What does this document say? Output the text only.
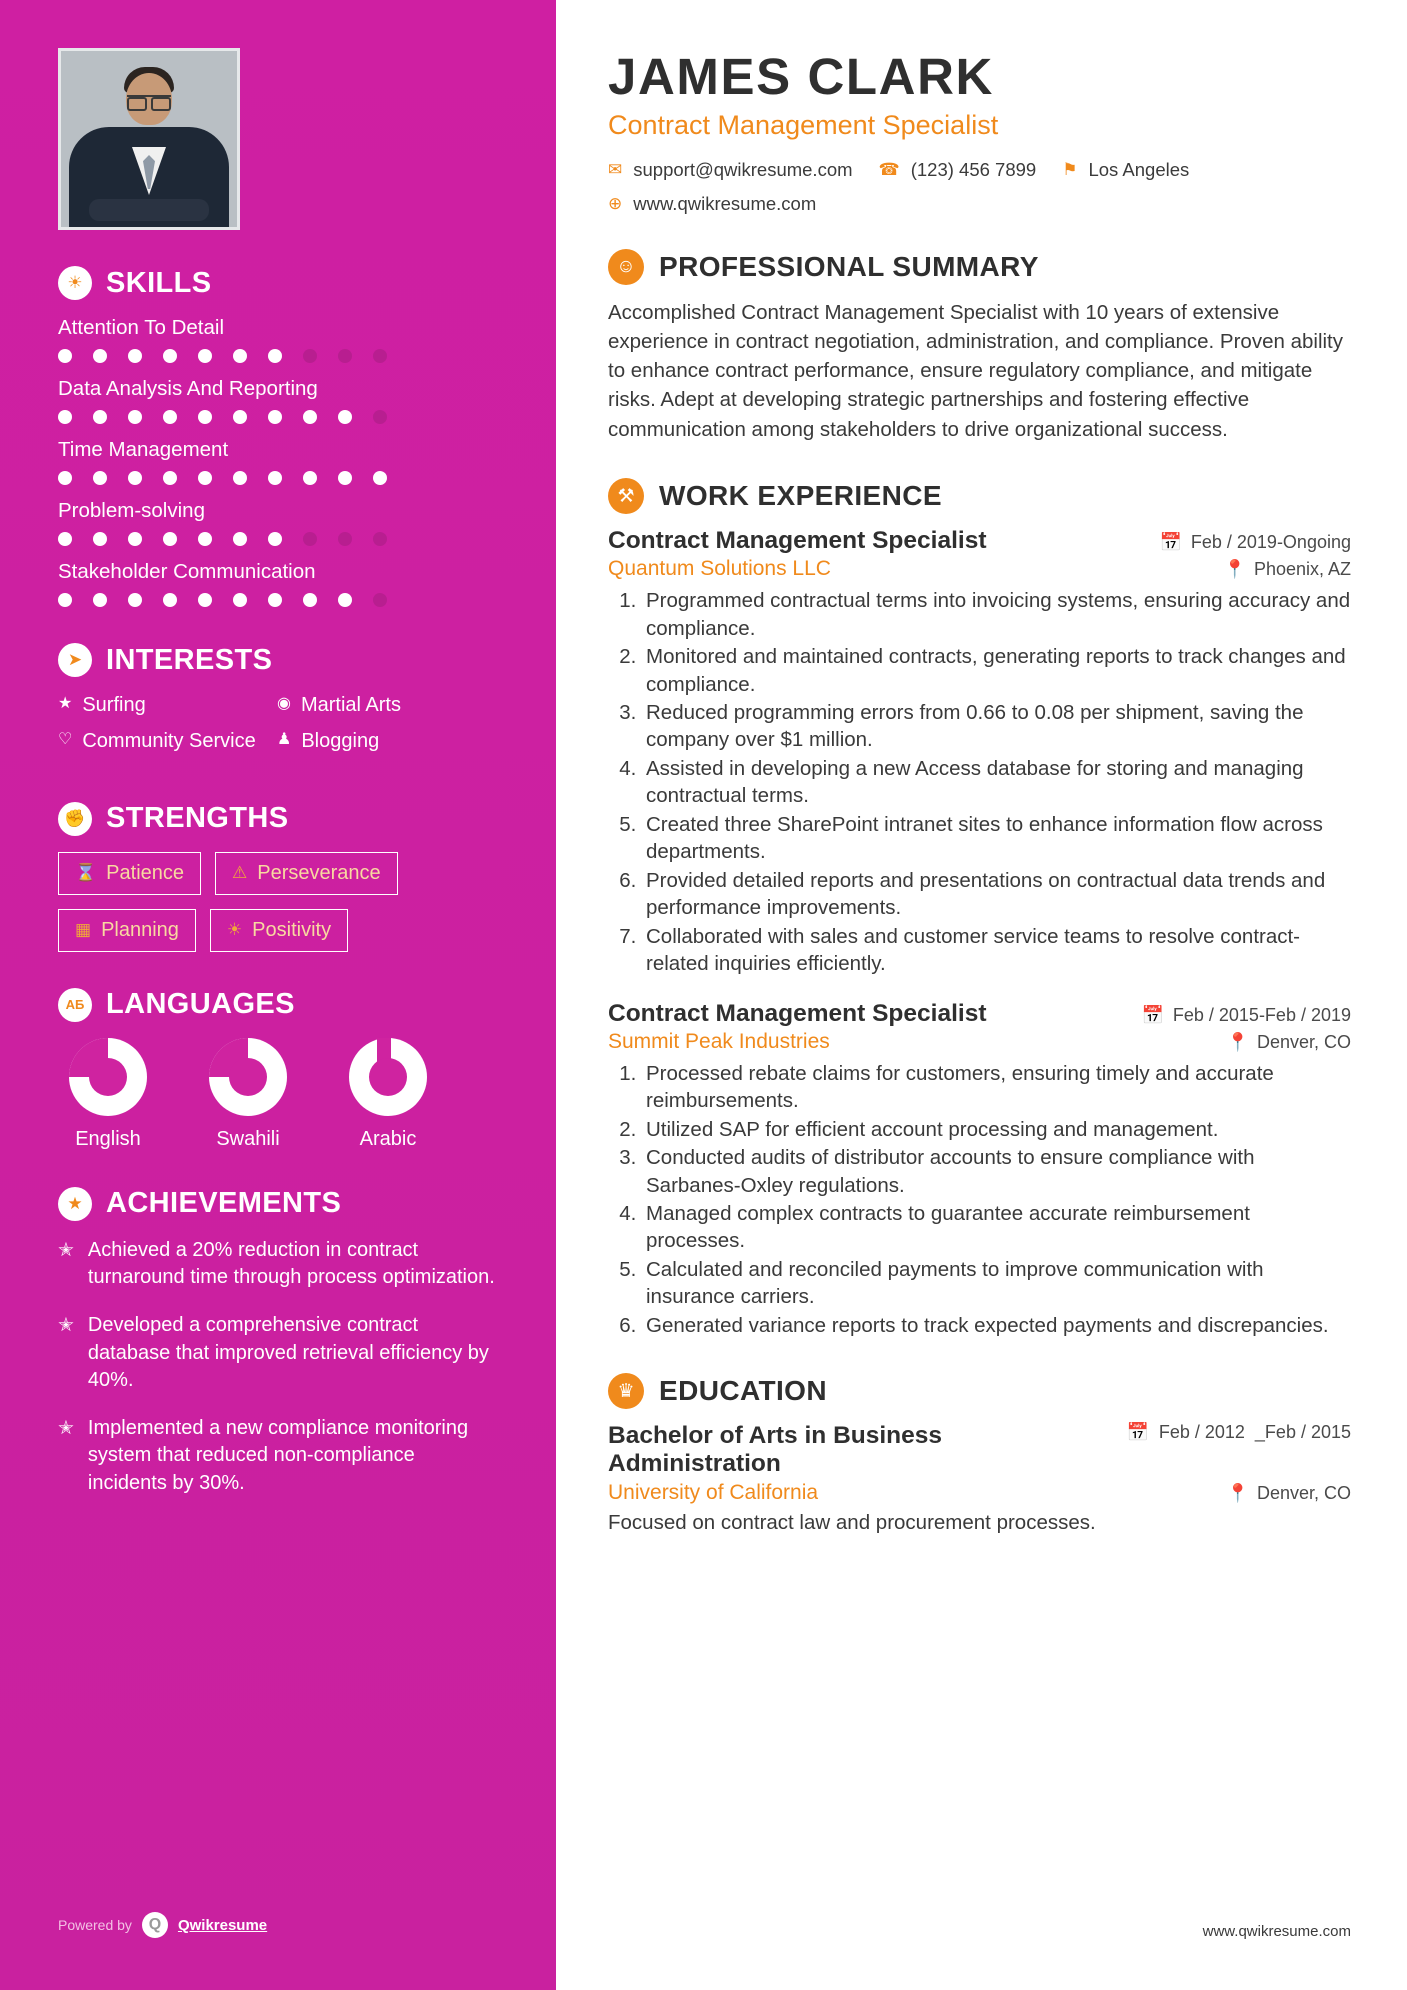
☀ SKILLS
Attention To Detail
Data Analysis And Reporting
Time Management
Problem-solving
Stakeholder Communication
➤ INTERESTS
★ Surfing	◉ Martial Arts
♡ Community Service ♟ Blogging
✊ STRENGTHS
⌛ Patience	⚠ Perseverance
▦ Planning	☀ Positivity
AБ LANGUAGES
English	Swahili	Arabic
★ ACHIEVEMENTS
✭ Achieved a 20% reduction in contract turnaround time through process optimization.
✭ Developed a comprehensive contract database that improved retrieval efficiency by 40%.
✭ Implemented a new compliance monitoring system that reduced non-compliance incidents by 30%.
Powered by	Q	Qwikresume
JAMES CLARK
Contract Management Specialist
✉ support@qwikresume.com ☎ (123) 456 7899 ⚑ Los Angeles
⊕ www.qwikresume.com
☺ PROFESSIONAL SUMMARY
Accomplished Contract Management Specialist with 10 years of extensive experience in contract negotiation, administration, and compliance. Proven ability to enhance contract performance, ensure regulatory compliance, and mitigate risks. Adept at developing strategic partnerships and fostering effective communication among stakeholders to drive organizational success.
⚒ WORK EXPERIENCE
Contract Management Specialist	📅 Feb / 2019-Ongoing
Quantum Solutions LLC	📍 Phoenix, AZ
1. Programmed contractual terms into invoicing systems, ensuring accuracy and compliance.
2. Monitored and maintained contracts, generating reports to track changes and compliance.
3. Reduced programming errors from 0.66 to 0.08 per shipment, saving the company over $1 million.
4. Assisted in developing a new Access database for storing and managing contractual terms.
5. Created three SharePoint intranet sites to enhance information flow across departments.
6. Provided detailed reports and presentations on contractual data trends and performance improvements.
7. Collaborated with sales and customer service teams to resolve contract-related inquiries efficiently.
Contract Management Specialist	📅 Feb / 2015-Feb / 2019
Summit Peak Industries	📍 Denver, CO
1. Processed rebate claims for customers, ensuring timely and accurate reimbursements.
2. Utilized SAP for efficient account processing and management.
3. Conducted audits of distributor accounts to ensure compliance with Sarbanes-Oxley regulations.
4. Managed complex contracts to guarantee accurate reimbursement processes.
5. Calculated and reconciled payments to improve communication with insurance carriers.
6. Generated variance reports to track expected payments and discrepancies.
♛ EDUCATION
Bachelor of Arts in Business Administration
📅 Feb / 2012 _Feb / 2015
University of California	📍 Denver, CO
Focused on contract law and procurement processes.
www.qwikresume.com
